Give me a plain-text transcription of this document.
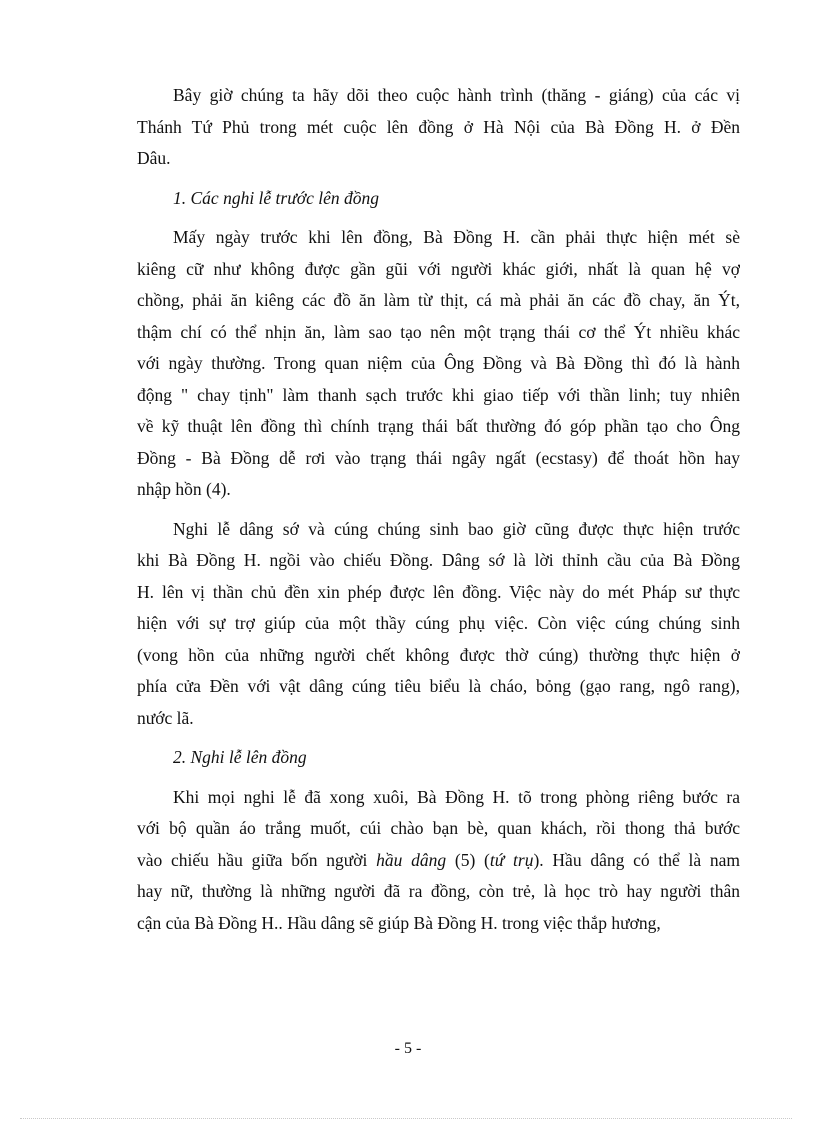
Bây giờ chúng ta hãy dõi theo cuộc hành trình (thăng - giáng) của các vị
Thánh Tứ Phủ trong mét cuộc lên đồng ở Hà Nội của Bà Đồng H. ở Đền
Dâu.
1. Các nghi lễ trước lên đồng
Mấy ngày trước khi lên đồng, Bà Đồng H. cần phải thực hiện mét sè
kiêng cữ như không được gần gũi với người khác giới, nhất là quan hệ vợ
chồng, phải ăn kiêng các đồ ăn làm từ thịt, cá mà phải ăn các đồ chay, ăn Ýt,
thậm chí có thể nhịn ăn, làm sao tạo nên một trạng thái cơ thể Ýt nhiều khác
với ngày thường. Trong quan niệm của Ông Đồng và Bà Đồng thì đó là hành
động " chay tịnh" làm thanh sạch trước khi giao tiếp với thần linh; tuy nhiên
về kỹ thuật lên đồng thì chính trạng thái bất thường đó góp phần tạo cho Ông
Đồng - Bà Đồng dễ rơi vào trạng thái ngây ngất (ecstasy) để thoát hồn hay
nhập hồn (4).
Nghi lễ dâng sớ và cúng chúng sinh bao giờ cũng được thực hiện trước
khi Bà Đồng H. ngồi vào chiếu Đồng. Dâng sớ là lời thỉnh cầu của Bà Đồng
H. lên vị thần chủ đền xin phép được lên đồng. Việc này do mét Pháp sư thực
hiện với sự trợ giúp của một thầy cúng phụ việc. Còn việc cúng chúng sinh
(vong hồn của những người chết không được thờ cúng) thường thực hiện ở
phía cửa Đền với vật dâng cúng tiêu biểu là cháo, bỏng (gạo rang, ngô rang),
nước lã.
2. Nghi lễ lên đồng
Khi mọi nghi lễ đã xong xuôi, Bà Đồng H. tõ trong phòng riêng bước ra
với bộ quần áo trắng muốt, cúi chào bạn bè, quan khách, rồi thong thả bước
vào chiếu hầu giữa bốn người hầu dâng (5) (tứ trụ). Hầu dâng có thể là nam
hay nữ, thường là những người đã ra đồng, còn trẻ, là học trò hay người thân
cận của Bà Đồng H.. Hầu dâng sẽ giúp Bà Đồng H. trong việc thắp hương,
- 5 -
